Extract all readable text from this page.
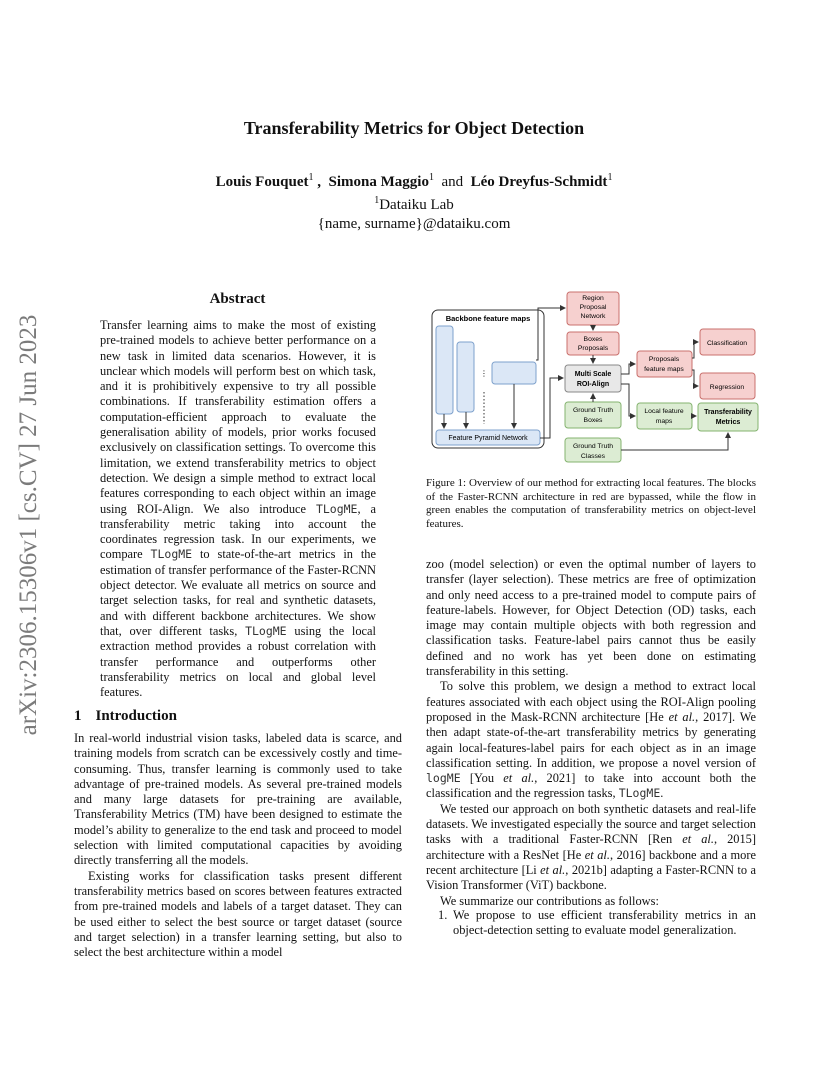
Transferability Metrics for Object Detection
Louis Fouquet$^1$ ,  Simona Maggio$^1$ and Léo Dreyfus-Schmidt$^1$
$^1$Dataiku Lab
{name, surname}@dataiku.com
arXiv:2306.15306v1 [cs.CV] 27 Jun 2023
Abstract
Transfer learning aims to make the most of existing pre-trained models to achieve better performance on a new task in limited data scenarios. However, it is unclear which models will perform best on which task, and it is prohibitively expensive to try all possible combinations. If transferability estimation offers a computation-efficient approach to evaluate the generalisation ability of models, prior works focused exclusively on classification settings. To overcome this limitation, we extend transferability metrics to object detection. We design a simple method to extract local features corresponding to each object within an image using ROI-Align. We also introduce TLogME, a transferability metric taking into account the coordinates regression task. In our experiments, we compare TLogME to state-of-the-art metrics in the estimation of transfer performance of the Faster-RCNN object detector. We evaluate all metrics on source and target selection tasks, for real and synthetic datasets, and with different backbone architectures. We show that, over different tasks, TLogME using the local extraction method provides a robust correlation with transfer performance and outperforms other transferability metrics on local and global level features.
1 Introduction

In real-world industrial vision tasks, labeled data is scarce, and training models from scratch can be excessively costly and time-consuming. Thus, transfer learning is commonly used to take advantage of pre-trained models. As several pre-trained models and many large datasets for pre-training are available, Transferability Metrics (TM) have been designed to estimate the model’s ability to generalize to the end task and proceed to model selection with limited computational capacities by avoiding directly transferring all the models.

Existing works for classification tasks present different transferability metrics based on scores between features extracted from pre-trained models and labels of a target dataset. They can be used either to select the best source or target dataset (source and target selection) in a transfer learning setting, but also to select the best architecture within a model

Backbone feature maps
⋮
Feature Pyramid Network
Region
Proposal
Network
Boxes
Proposals
Multi Scale
ROI-Align
Ground Truth
Boxes
Ground Truth
Classes
Proposals
feature maps
Local feature
maps
Classification
Regression
Transferability
Metrics
Figure 1: Overview of our method for extracting local features. The blocks of the Faster-RCNN architecture in red are bypassed, while the flow in green enables the computation of transferability metrics on object-level features.

zoo (model selection) or even the optimal number of layers to transfer (layer selection). These metrics are free of optimization and only need access to a pre-trained model to compute pairs of feature-labels. However, for Object Detection (OD) tasks, each image may contain multiple objects with both regression and classification tasks. Feature-label pairs cannot thus be easily defined and no work has yet been done on estimating transferability in this setting.

To solve this problem, we design a method to extract local features associated with each object using the ROI-Align pooling proposed in the Mask-RCNN architecture [He et al., 2017]. We then adapt state-of-the-art transferability metrics by generating again local-features-label pairs for each object as in an image classification setting. In addition, we propose a novel version of logME [You et al., 2021] to take into account both the classification and the regression tasks, TLogME.

We tested our approach on both synthetic datasets and real-life datasets. We investigated especially the source and target selection tasks with a traditional Faster-RCNN [Ren et al., 2015] architecture with a ResNet [He et al., 2016] backbone and a more recent architecture [Li et al., 2021b] adapting a Faster-RCNN to a Vision Transformer (ViT) backbone.

We summarize our contributions as follows:

1. We propose to use efficient transferability metrics in an object-detection setting to evaluate model generalization.
